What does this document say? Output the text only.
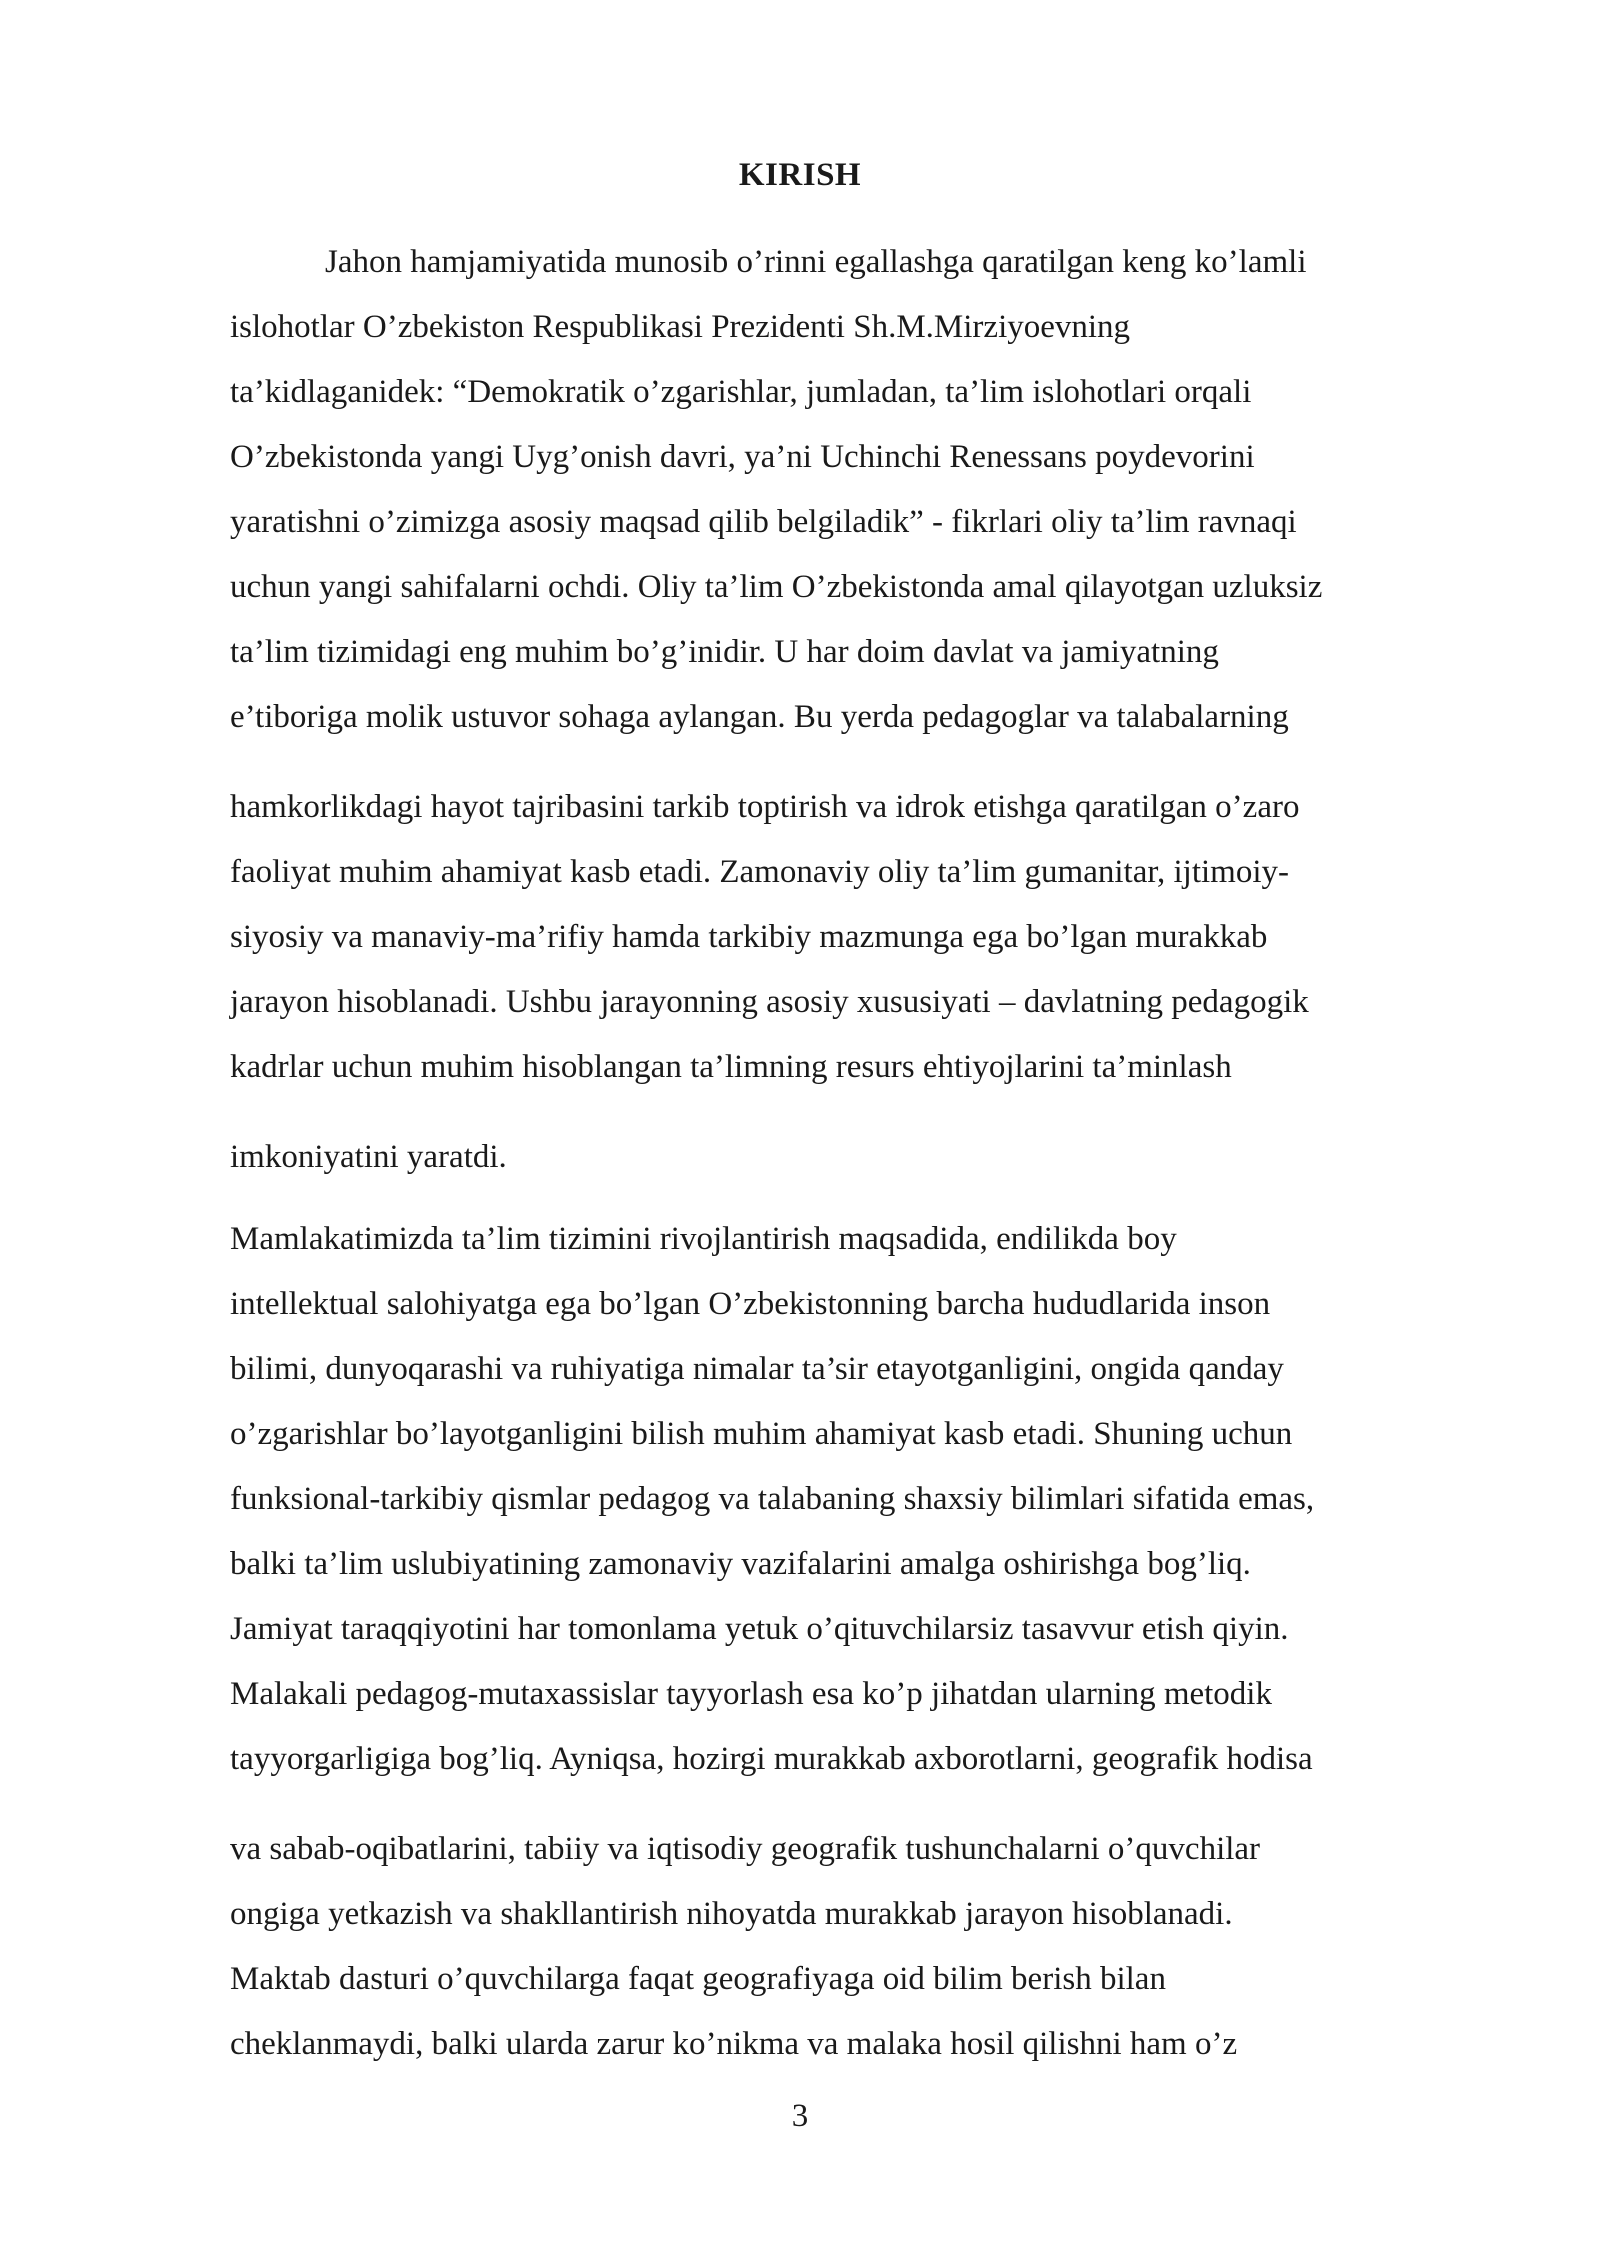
KIRISH
Jahon hamjamiyatida munosib o’rinni egallashga qaratilgan keng ko’lamli
islohotlar O’zbekiston Respublikasi Prezidenti Sh.M.Mirziyoevning
ta’kidlaganidek: “Demokratik o’zgarishlar, jumladan, ta’lim islohotlari orqali
O’zbekistonda yangi Uyg’onish davri, ya’ni Uchinchi Renessans poydevorini
yaratishni o’zimizga asosiy maqsad qilib belgiladik” - fikrlari oliy ta’lim ravnaqi
uchun yangi sahifalarni ochdi. Oliy ta’lim O’zbekistonda amal qilayotgan uzluksiz
ta’lim tizimidagi eng muhim bo’g’inidir. U har doim davlat va jamiyatning
e’tiboriga molik ustuvor sohaga aylangan. Bu yerda pedagoglar va talabalarning
hamkorlikdagi hayot tajribasini tarkib toptirish va idrok etishga qaratilgan o’zaro
faoliyat muhim ahamiyat kasb etadi. Zamonaviy oliy ta’lim gumanitar, ijtimoiy-
siyosiy va manaviy-ma’rifiy hamda tarkibiy mazmunga ega bo’lgan murakkab
jarayon hisoblanadi. Ushbu jarayonning asosiy xususiyati – davlatning pedagogik
kadrlar uchun muhim hisoblangan ta’limning resurs ehtiyojlarini ta’minlash
imkoniyatini yaratdi.
Mamlakatimizda ta’lim tizimini rivojlantirish maqsadida, endilikda boy
intellektual salohiyatga ega bo’lgan O’zbekistonning barcha hududlarida inson
bilimi, dunyoqarashi va ruhiyatiga nimalar ta’sir etayotganligini, ongida qanday
o’zgarishlar bo’layotganligini bilish muhim ahamiyat kasb etadi. Shuning uchun
funksional-tarkibiy qismlar pedagog va talabaning shaxsiy bilimlari sifatida emas,
balki ta’lim uslubiyatining zamonaviy vazifalarini amalga oshirishga bog’liq.
Jamiyat taraqqiyotini har tomonlama yetuk o’qituvchilarsiz tasavvur etish qiyin.
Malakali pedagog-mutaxassislar tayyorlash esa ko’p jihatdan ularning metodik
tayyorgarligiga bog’liq. Ayniqsa, hozirgi murakkab axborotlarni, geografik hodisa
va sabab-oqibatlarini, tabiiy va iqtisodiy geografik tushunchalarni o’quvchilar
ongiga yetkazish va shakllantirish nihoyatda murakkab jarayon hisoblanadi.
Maktab dasturi o’quvchilarga faqat geografiyaga oid bilim berish bilan
cheklanmaydi, balki ularda zarur ko’nikma va malaka hosil qilishni ham o’z
3
